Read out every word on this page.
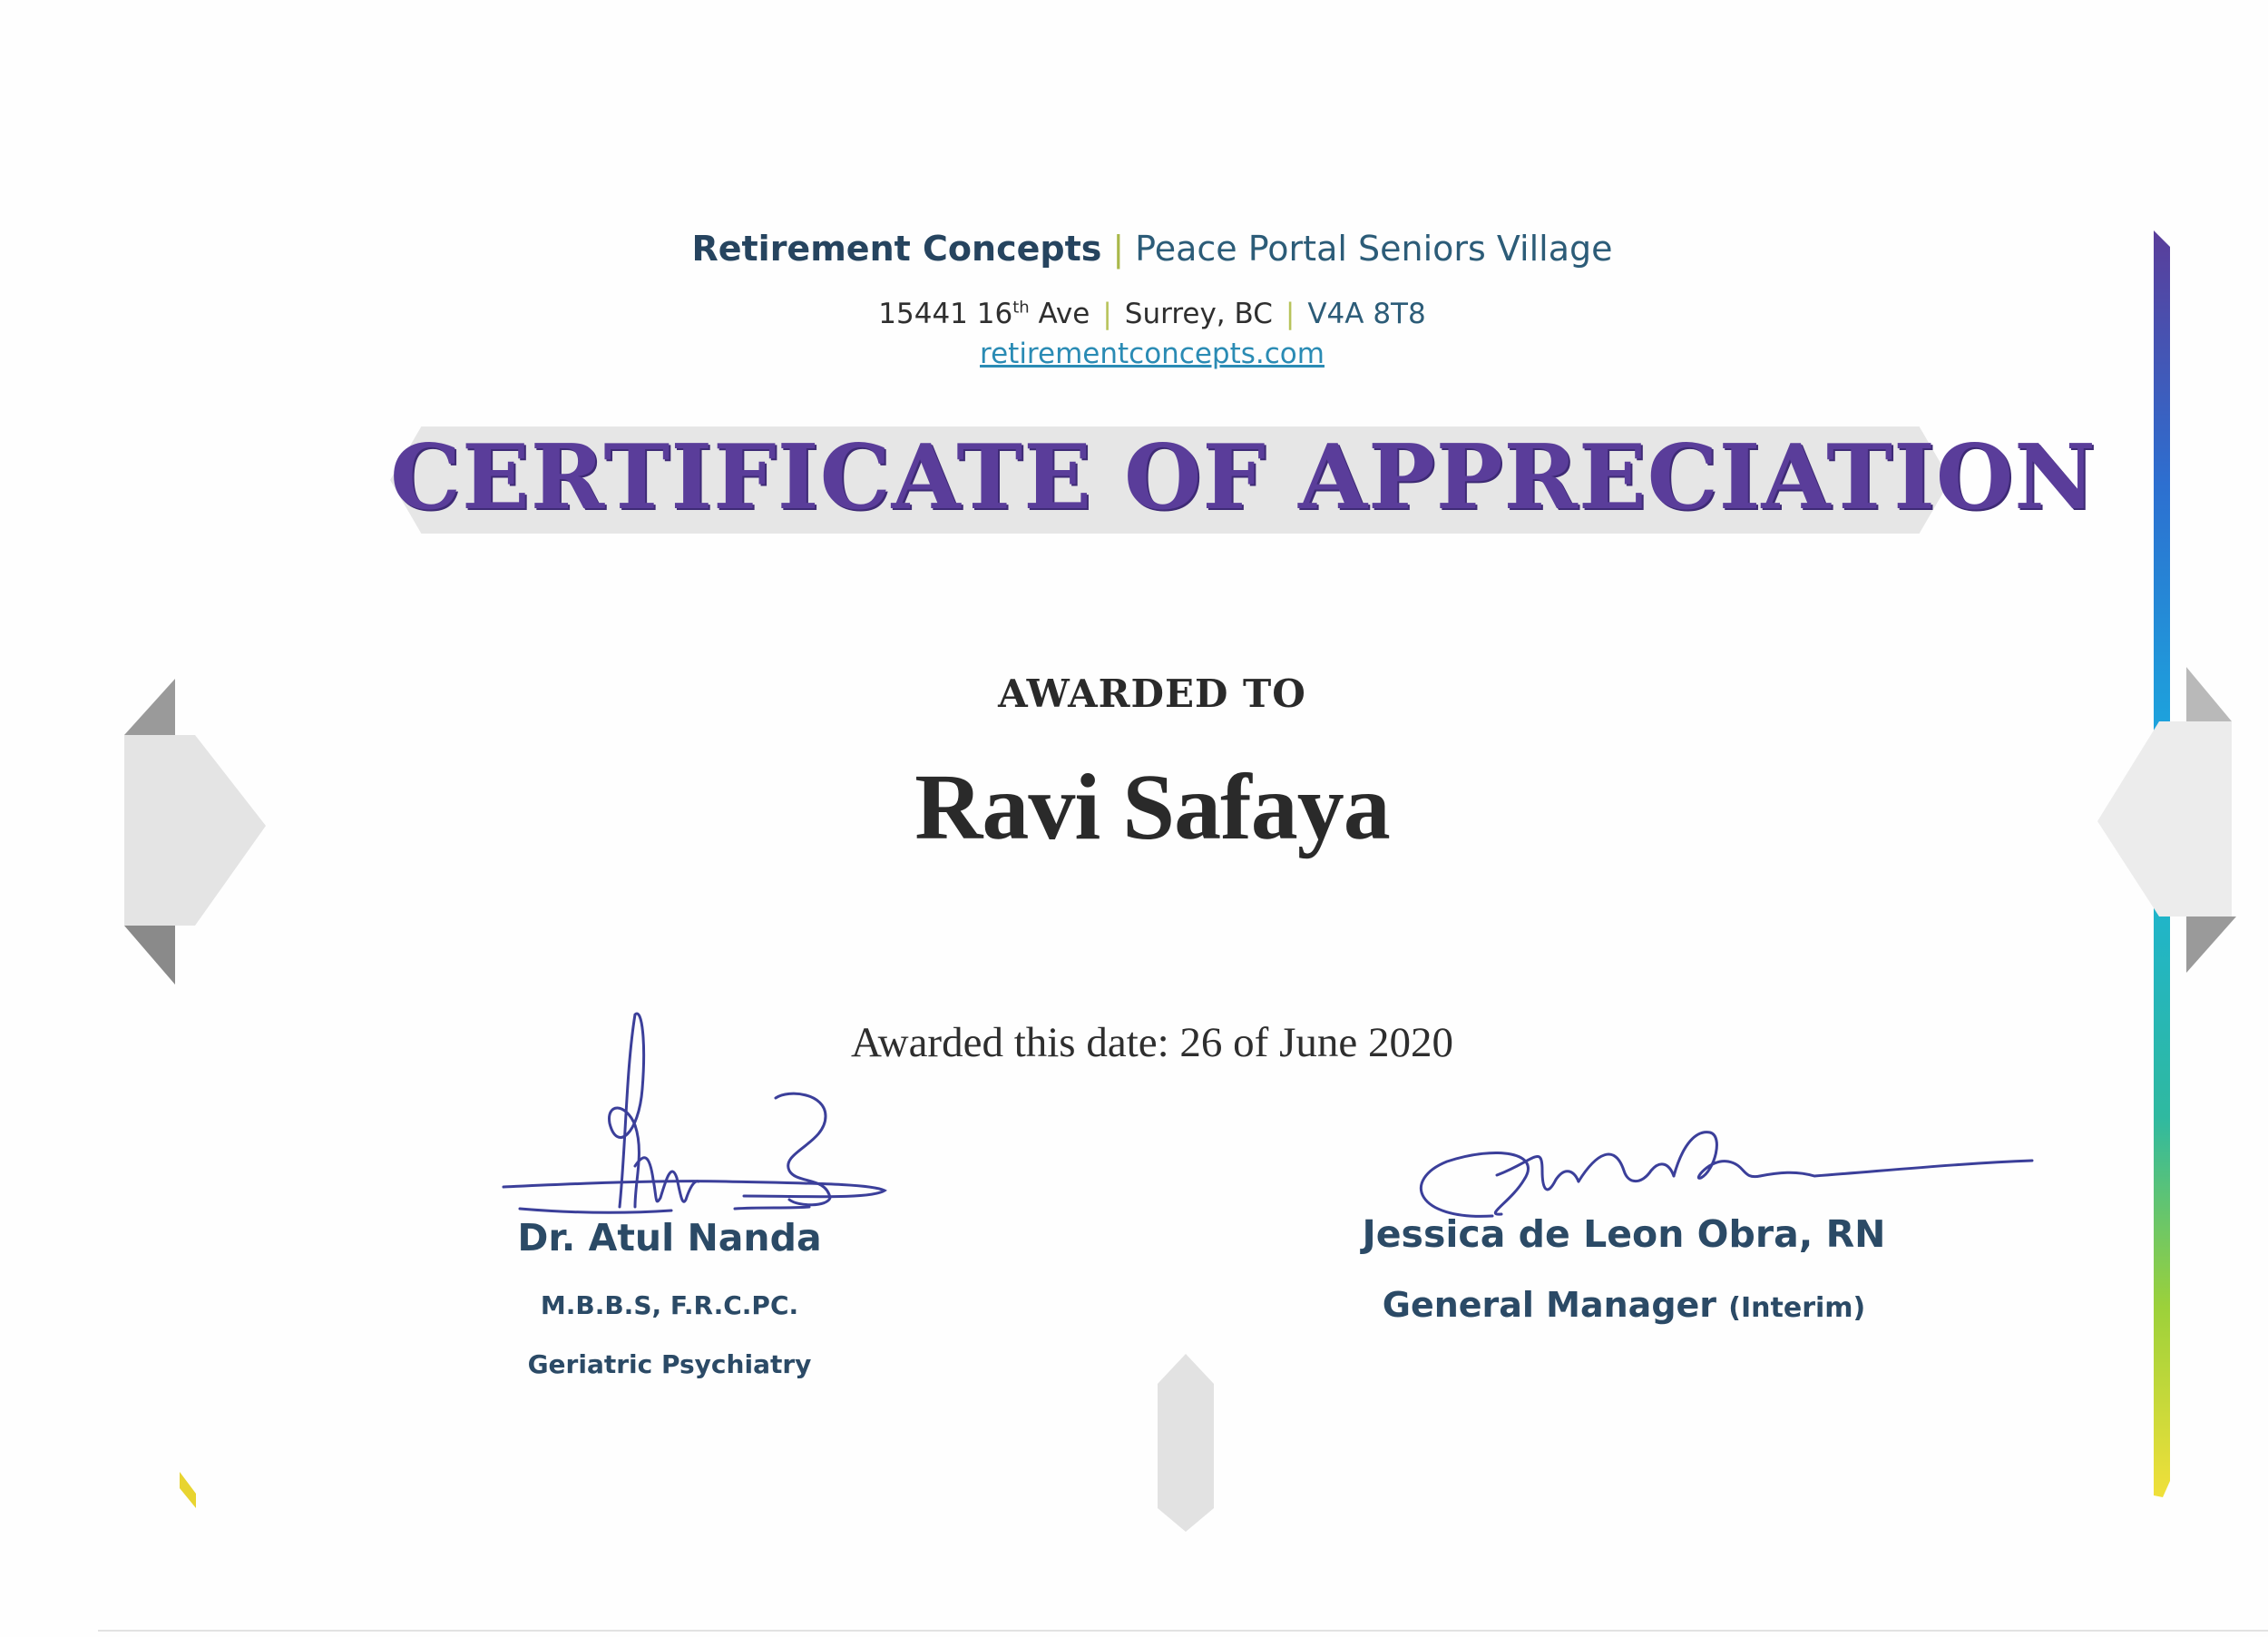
Retirement Concepts | Peace Portal Seniors Village
15441 16th Ave | Surrey, BC | V4A 8T8
retirementconcepts.com
CERTIFICATE OF APPRECIATION
AWARDED TO
Ravi Safaya
Awarded this date: 26 of June 2020
Dr. Atul Nanda
M.B.B.S, F.R.C.PC.
Geriatric Psychiatry
Jessica de Leon Obra, RN
General Manager (Interim)
